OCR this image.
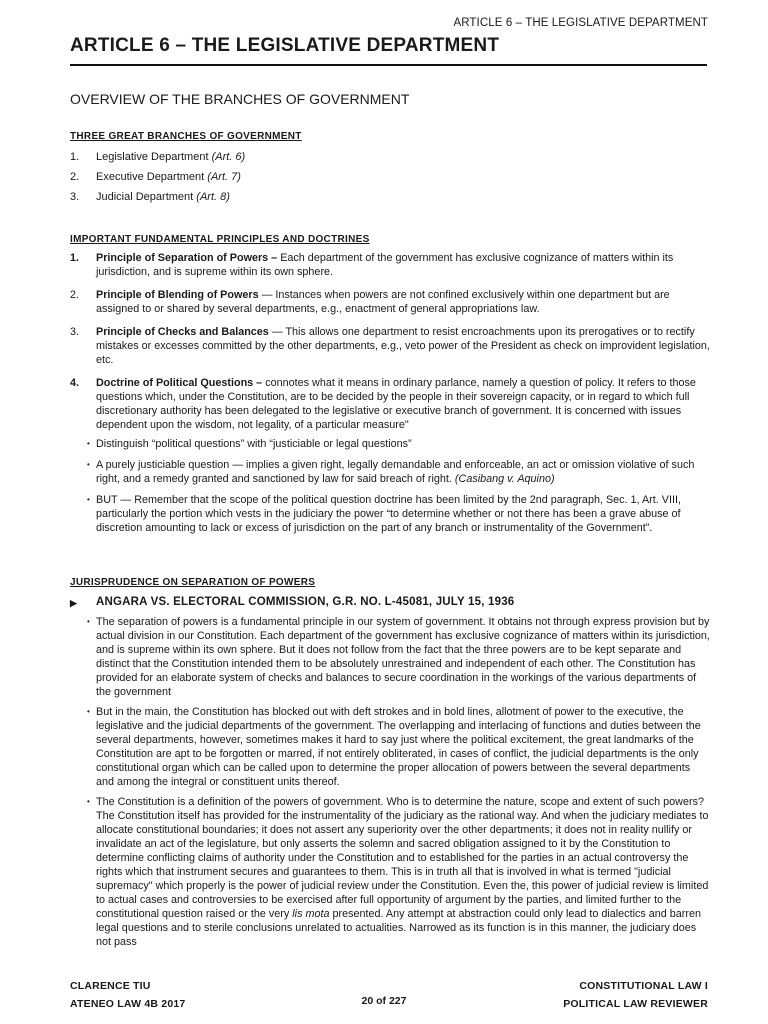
ARTICLE 6 – THE LEGISLATIVE DEPARTMENT
ARTICLE 6 – THE LEGISLATIVE DEPARTMENT
OVERVIEW OF THE BRANCHES OF GOVERNMENT
THREE GREAT BRANCHES OF GOVERNMENT
1.	Legislative Department
(Art. 6)
2.	Executive Department
(Art. 7)
3.	Judicial Department
(Art. 8)
IMPORTANT FUNDAMENTAL PRINCIPLES AND DOCTRINES
1.	Principle of Separation of Powers – Each department of the government has exclusive cognizance of matters within its jurisdiction, and is supreme within its own sphere.
2.	Principle of Blending of Powers — Instances when powers are not confined exclusively within one department but are assigned to or shared by several departments, e.g., enactment of general appropriations law.
3.	Principle of Checks and Balances — This allows one department to resist encroachments upon its prerogatives or to rectify mistakes or excesses committed by the other departments, e.g., veto power of the President as check on improvident legislation, etc.
4.	Doctrine of Political Questions – connotes what it means in ordinary parlance, namely a question of policy. It refers to those questions which, under the Constitution, are to be decided by the people in their sovereign capacity, or in regard to which full discretionary authority has been delegated to the legislative or executive branch of government. It is concerned with issues dependent upon the wisdom, not legality, of a particular measure"
• Distinguish “political questions” with “justiciable or legal questions”
• A purely justiciable question — implies a given right, legally demandable and enforceable, an act or omission violative of such right, and a remedy granted and sanctioned by law for said breach of right. (Casibang v. Aquino)
• BUT — Remember that the scope of the political question doctrine has been limited by the 2nd paragraph, Sec. 1, Art. VIII, particularly the portion which vests in the judiciary the power “to determine whether or not there has been a grave abuse of discretion amounting to lack or excess of jurisdiction on the part of any branch or instrumentality of the Government”.
JURISPRUDENCE ON SEPARATION OF POWERS
▶	ANGARA VS. ELECTORAL COMMISSION, G.R. NO. L-45081, JULY 15, 1936
• The separation of powers is a fundamental principle in our system of government. It obtains not through express provision but by actual division in our Constitution. Each department of the government has exclusive cognizance of matters within its jurisdiction, and is supreme within its own sphere. But it does not follow from the fact that the three powers are to be kept separate and distinct that the Constitution intended them to be absolutely unrestrained and independent of each other. The Constitution has provided for an elaborate system of checks and balances to secure coordination in the workings of the various departments of the government
• But in the main, the Constitution has blocked out with deft strokes and in bold lines, allotment of power to the executive, the legislative and the judicial departments of the government. The overlapping and interlacing of functions and duties between the several departments, however, sometimes makes it hard to say just where the political excitement, the great landmarks of the Constitution are apt to be forgotten or marred, if not entirely obliterated, in cases of conflict, the judicial departments is the only constitutional organ which can be called upon to determine the proper allocation of powers between the several departments and among the integral or constituent units thereof.
• The Constitution is a definition of the powers of government. Who is to determine the nature, scope and extent of such powers? The Constitution itself has provided for the instrumentality of the judiciary as the rational way. And when the judiciary mediates to allocate constitutional boundaries; it does not assert any superiority over the other departments; it does not in reality nullify or invalidate an act of the legislature, but only asserts the solemn and sacred obligation assigned to it by the Constitution to determine conflicting claims of authority under the Constitution and to established for the parties in an actual controversy the rights which that instrument secures and guarantees to them. This is in truth all that is involved in what is termed "judicial supremacy" which properly is the power of judicial review under the Constitution. Even the, this power of judicial review is limited to actual cases and controversies to be exercised after full opportunity of argument by the parties, and limited further to the constitutional question raised or the very lis mota presented. Any attempt at abstraction could only lead to dialectics and barren legal questions and to sterile conclusions unrelated to actualities. Narrowed as its function is in this manner, the judiciary does not pass
CLARENCE TIU
ATENEO LAW 4B 2017	20 of 227
CONSTITUTIONAL LAW I
POLITICAL LAW REVIEWER
